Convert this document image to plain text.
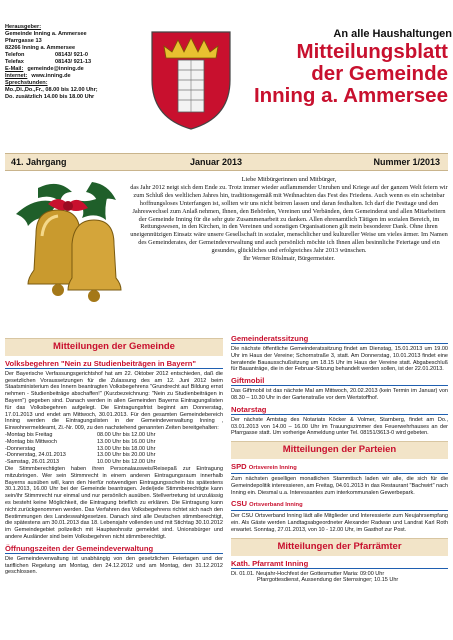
Herausgeber:
Gemeinde Inning a. Ammersee
Pfarrgasse 13
82266 Inning a. Ammersee
Telefon	08143/ 921-0
Telefax	08143/ 921-13
E-Mail: gemeinde@inning.de
Internet: www.inning.de
Sprechstunden:
Mo.,Di.,Do.,Fr., 08.00 bis 12.00 Uhr;
Do. zusätzlich 14.00 bis 18.00 Uhr
An alle Haushaltungen
Mitteilungsblatt
der Gemeinde
Inning a. Ammersee
41. Jahrgang	Januar 2013	Nummer 1/2013
Liebe Mitbürgerinnen und Mitbürger,
das Jahr 2012 neigt sich dem Ende zu. Trotz immer wieder auflammender Unruhen und Kriege auf der ganzen Welt feiern wir zum Schluß des weltlichen Jahres hin, traditionsgemäß mit Weihnachten das Fest des Friedens. Auch wenn es ein scheinbar hoffnungsloses Unterfangen ist, sollten wir uns nicht beirren lassen und daran festhalten. Ich darf die Festtage und den Jahreswechsel zum Anlaß nehmen, Ihnen, den Behörden, Vereinen und Verbänden, dem Gemeinderat und allen Mitarbeitern der Gemeinde Inning für die sehr gute Zusammenarbeit zu danken. Allen ehrenamtlich Tätigen im sozialen Bereich, im Rettungswesen, in den Kirchen, in den Vereinen und sonstigen Organisationen gilt mein besonderer Dank. Ohne ihren uneigennützigen Einsatz wäre unsere Gesellschaft in sozialer, menschlicher und kultureller Weise um vieles ärmer. Im Namen des Gemeinderates, der Gemeindeverwaltung und auch persönlich möchte ich Ihnen allen besinnliche Feiertage und ein gesundes, glückliches und erfolgreiches Jahr 2013 wünschen.
Ihr Werner Röslmair, Bürgermeister.
Mitteilungen der Gemeinde
Volksbegehren "Nein zu Studienbeiträgen in Bayern"

Der Bayerische Verfassungsgerichtshof hat am 22. Oktober 2012 entschieden, daß die gesetzlichen Voraussetzungen für die Zulassung des am 12. Juni 2012 beim Staatsministerium des Innern beantragten Volksbegehrens "Grundrecht auf Bildung ernst nehmen - Studienbeiträge abschaffen!" (Kurzbezeichnung: "Nein zu Studienbeiträgen in Bayern") gegeben sind. Danach werden in allen Gemeinden Bayerns Eintragungslisten für das Volksbegehren aufgelegt. Die Eintragungsfrist beginnt am Donnerstag, 17.01.2013 und endet am Mittwoch, 30.01.2013. Für den gesamten Gemeindebereich Inning werden die Eintragungslisten in der Gemeindeverwaltung Inning , Einwohnermeldeamt, Zi.-Nr. 009, zu den nachstehend genannten Zeiten bereitgehalten:

-Montag bis Freitag	08.00 Uhr bis 12.00 Uhr
-Montag bis Mittwoch	13.00 Uhr bis 16.00 Uhr
-Donnerstag	13.00 Uhr bis 18.00 Uhr
-Donnerstag, 24.01.2013	13.00 Uhr bis 20.00 Uhr
-Samstag, 26.01.2013	10.00 Uhr bis 12.00 Uhr

Die Stimmberechtigten haben ihren Personalausweis/Reisepaß zur Eintragung mitzubringen. Wer sein Stimmrecht in einem anderen Eintragungsraum innerhalb Bayerns ausüben will, kann den hierfür notwendigen Eintragungsschein bis spätestens 30.1.2013, 16.00 Uhr bei der Gemeinde beantragen. Jede/jede Stimmberechtigte kann sein/ihr Stimmrecht nur einmal und nur persönlich ausüben. Stellvertretung ist unzulässig es besteht keine Möglichkeit, die Eintragung brieflich zu erklären. Die Eintragung kann nicht zurückgenommen werden. Das Verfahren des Volksbegehrens richtet sich nach den Bestimmungen des Landeswahlgesetzes. Danach sind alle Deutschen stimmberechtigt, die spätestens am 30.01.2013 das 18. Lebensjahr vollenden und mit Stichtag 30.10.2012 im Gemeindegebiet polizeilich mit Hauptwohnsitz gemeldet sind. Unionsbürger und andere Ausländer sind beim Volksbegehren nicht stimmberechtigt.

Öffnungszeiten der Gemeindeverwaltung

Die Gemeindeverwaltung ist unabhängig von den gesetzlichen Feiertagen und der tariflichen Regelung am Montag, den 24.12.2012 und am Montag, den 31.12.2012 geschlossen.

Gemeinderatssitzung

Die nächste öffentliche Gemeinderatssitzung findet am Dienstag, 15.01.2013 um 19.00 Uhr im Haus der Vereine; Schornstraße 3, statt. Am Donnerstag, 10.01.2013 findet eine beratende Bauausschußsitzung um 18.15 Uhr im Haus der Vereine statt. Abgabeschluß für Bauanträge, die in der Februar-Sitzung behandelt werden sollen, ist der 22.01.2013.

Giftmobil

Das Giftmobil ist das nächste Mal am Mittwoch, 20.02.2013 (kein Termin im Januar) von 08.30 – 10.30 Uhr in der Gartenstraße vor dem Wertstoffhof.

Notarstag

Der nächste Amtstag des Notariats Köcker & Volmer, Starnberg, findet am Do., 03.01.2013 von 14.00 – 16.00 Uhr im Trauungszimmer des Feuerwehrhauses an der Pfarrgasse statt. Um vorherige Anmeldung unter Tel. 08151/3613-0 wird gebeten.

Mitteilungen der Parteien
SPD Ortsverein Inning

Zum nächsten geselligen monatlichen Stammtisch laden wir alle, die sich für die Gemeindepolitik interessieren, am Freitag, 04.01.2013 in das Restaurant "Bachwirt" nach Inning ein. Diesmal u.a. Interessantes zum interkommunalen Gewerbepark.

CSU Ortsverband Inning

Der CSU Ortsverband Inning lädt alle Mitglieder und Interessierte zum Neujahrsempfang ein. Als Gäste werden Landtagsabgeordneter Alexander Radwan und Landrat Karl Roth erwartet. Sonntag, 27.01.2013, von 10 - 12.00 Uhr, im Gasthof zur Post.

Mitteilungen der Pfarrämter
Kath. Pfarramt Inning

Di. 01.01. Neujahr-Hochfest der Gottesmutter Maria: 09:00 Uhr

Pfarrgottesdienst, Aussendung der Sternsinger; 10.15 Uhr
